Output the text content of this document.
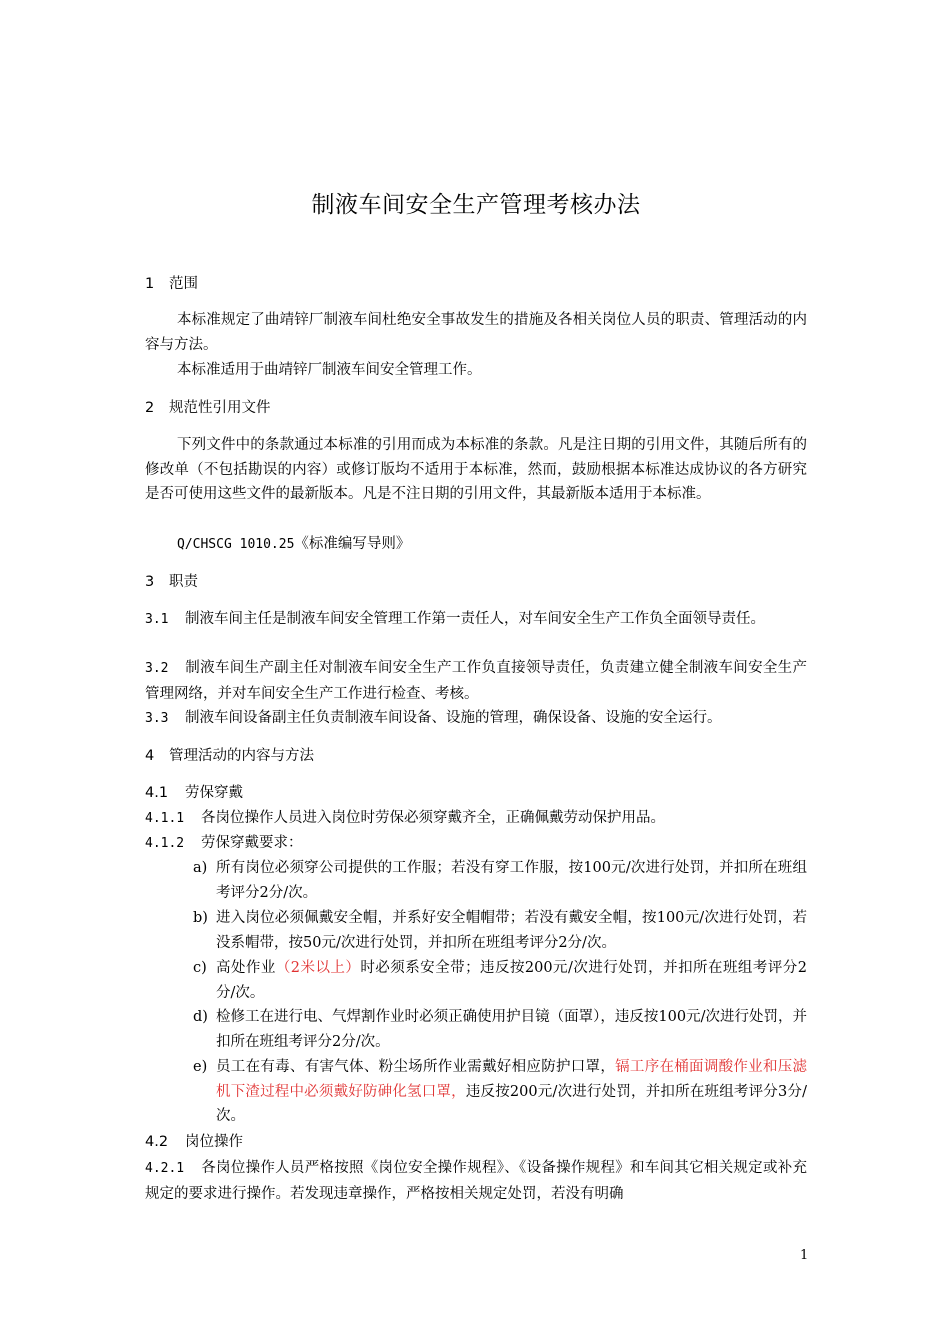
制液车间安全生产管理考核办法
1 范围
本标准规定了曲靖锌厂制液车间杜绝安全事故发生的措施及各相关岗位人员的职责、管理活动的内容与方法。
本标准适用于曲靖锌厂制液车间安全管理工作。
2 规范性引用文件
下列文件中的条款通过本标准的引用而成为本标准的条款。凡是注日期的引用文件，其随后所有的修改单（不包括勘误的内容）或修订版均不适用于本标准，然而，鼓励根据本标准达成协议的各方研究是否可使用这些文件的最新版本。凡是不注日期的引用文件，其最新版本适用于本标准。
Q/CHSCG 1010.25《标准编写导则》
3 职责
3.1 制液车间主任是制液车间安全管理工作第一责任人，对车间安全生产工作负全面领导责任。
3.2 制液车间生产副主任对制液车间安全生产工作负直接领导责任，负责建立健全制液车间安全生产管理网络，并对车间安全生产工作进行检查、考核。
3.3 制液车间设备副主任负责制液车间设备、设施的管理，确保设备、设施的安全运行。
4 管理活动的内容与方法
4.1 劳保穿戴
4.1.1 各岗位操作人员进入岗位时劳保必须穿戴齐全，正确佩戴劳动保护用品。
4.1.2 劳保穿戴要求：
a) 所有岗位必须穿公司提供的工作服；若没有穿工作服，按100元/次进行处罚，并扣所在班组考评分2分/次。
b) 进入岗位必须佩戴安全帽，并系好安全帽帽带；若没有戴安全帽，按100元/次进行处罚，若没系帽带，按50元/次进行处罚，并扣所在班组考评分2分/次。
c) 高处作业（2米以上）时必须系安全带；违反按200元/次进行处罚，并扣所在班组考评分2分/次。
d) 检修工在进行电、气焊割作业时必须正确使用护目镜（面罩），违反按100元/次进行处罚，并扣所在班组考评分2分/次。
e) 员工在有毒、有害气体、粉尘场所作业需戴好相应防护口罩，镉工序在桶面调酸作业和压滤机下渣过程中必须戴好防砷化氢口罩，违反按200元/次进行处罚，并扣所在班组考评分3分/次。
4.2 岗位操作
4.2.1 各岗位操作人员严格按照《岗位安全操作规程》、《设备操作规程》和车间其它相关规定或补充规定的要求进行操作。若发现违章操作，严格按相关规定处罚，若没有明确
1
